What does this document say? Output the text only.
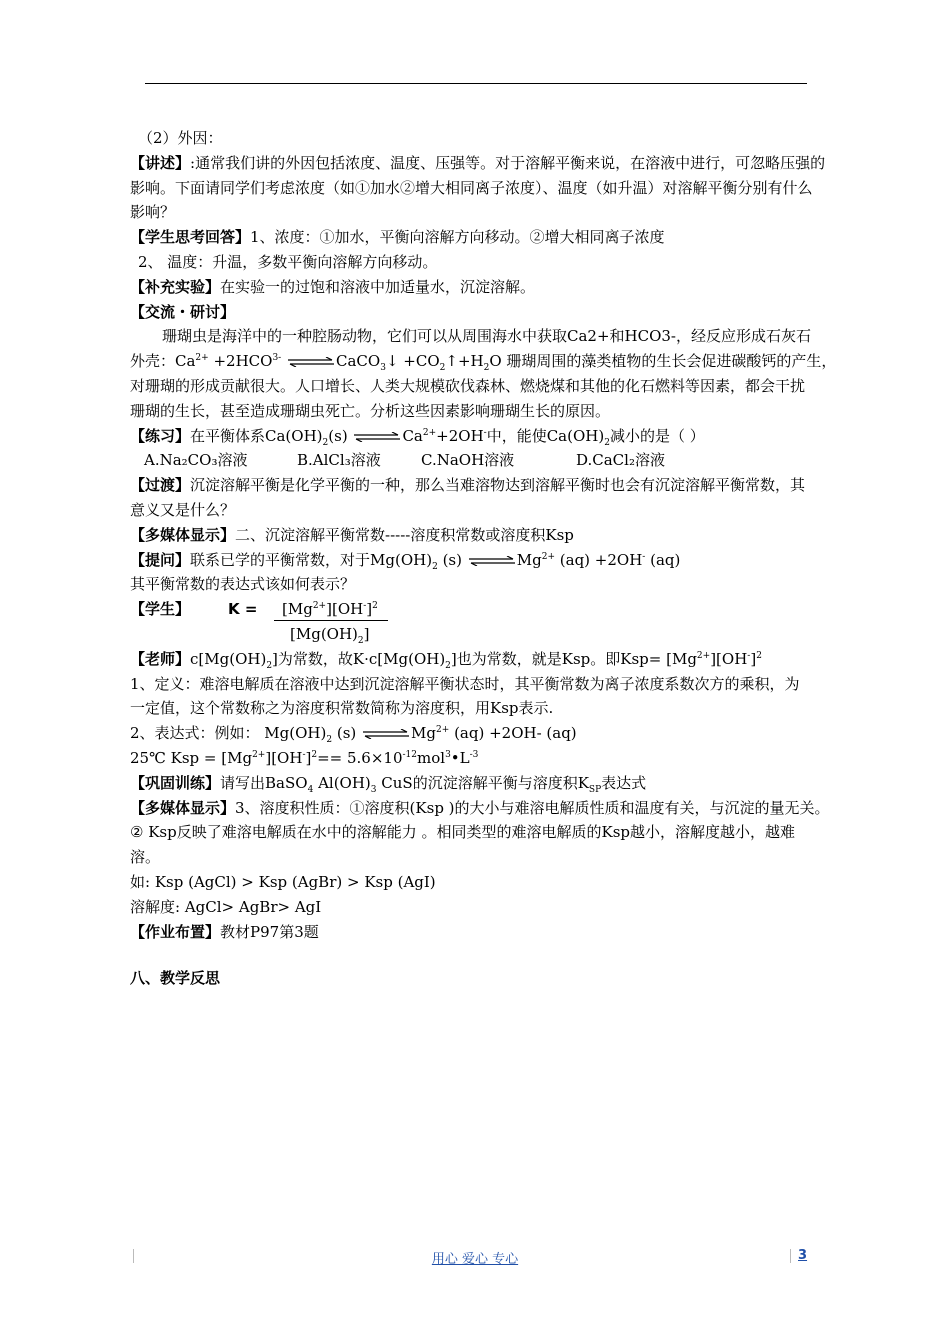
（2）外因：
【讲述】:通常我们讲的外因包括浓度、温度、压强等。对于溶解平衡来说，在溶液中进行，可忽略压强的
影响。下面请同学们考虑浓度（如①加水②增大相同离子浓度）、温度（如升温）对溶解平衡分别有什么
影响？
【学生思考回答】1、浓度：①加水，平衡向溶解方向移动。②增大相同离子浓度
2、 温度：升温，多数平衡向溶解方向移动。
【补充实验】在实验一的过饱和溶液中加适量水，沉淀溶解。
【交流・研讨】
珊瑚虫是海洋中的一种腔肠动物，它们可以从周围海水中获取Ca2+和HCO3-，经反应形成石灰石
外壳：$Ca^{2+} +2HCO^{3-}$ ⇌ CaCO$_3$↓ $+CO_2↑+H_2O$ 珊瑚周围的藻类植物的生长会促进碳酸钙的产生，
对珊瑚的形成贡献很大。人口增长、人类大规模砍伐森林、燃烧煤和其他的化石燃料等因素，都会干扰
珊瑚的生长，甚至造成珊瑚虫死亡。分析这些因素影响珊瑚生长的原因。
【练习】在平衡体系$Ca(OH)_2(s)$ ⇌ $Ca^{2+}+2OH^-$中，能使$Ca(OH)_2$减小的是（ ）
A.Na₂CO₃溶液	B.AlCl₃溶液	C.NaOH溶液	D.CaCl₂溶液
【过渡】沉淀溶解平衡是化学平衡的一种，那么当难溶物达到溶解平衡时也会有沉淀溶解平衡常数，其
意义又是什么？
【多媒体显示】二、沉淀溶解平衡常数-----溶度积常数或溶度积Ksp
【提问】联系已学的平衡常数，对于$Mg(OH)_2$ (s) ⇌ $Mg^{2+}$ (aq) +2OH- (aq)
其平衡常数的表达式该如何表示？
【学生】	$K = [Mg^{2+}][OH^-]^2$
$[Mg(OH)_2]$
【老师】$c[Mg(OH)_2]$为常数，故$K\cdot c[Mg(OH)_2]$也为常数，就是Ksp。即$Ksp= [Mg^{2+}][OH^-]^2$
1、定义：难溶电解质在溶液中达到沉淀溶解平衡状态时，其平衡常数为离子浓度系数次方的乘积，为
一定值，这个常数称之为溶度积常数简称为溶度积，用Ksp表示.
2、表达式：例如： $Mg(OH)_2$ (s) ⇌ $Mg^{2+}$ (aq) +2OH- (aq)
25℃ Ksp = $[Mg^{2+}][OH^-]^2==$ $5.6\times 10^{-12}mol^3•L^{-3}$
【巩固训练】请写出BaSO$_4$ $Al(OH)_3$ CuS的沉淀溶解平衡与溶度积$K_{SP}$表达式
【多媒体显示】3、溶度积性质：①溶度积(Ksp )的大小与难溶电解质性质和温度有关，与沉淀的量无关。
② Ksp反映了难溶电解质在水中的溶解能力 。相同类型的难溶电解质的Ksp越小，溶解度越小，越难
溶。
如: Ksp (AgCl) > Ksp (AgBr) > Ksp (AgI)
溶解度: AgCl> AgBr> AgI
【作业布置】教材P97第3题
八、教学反思
用心 爱心 专心	3
